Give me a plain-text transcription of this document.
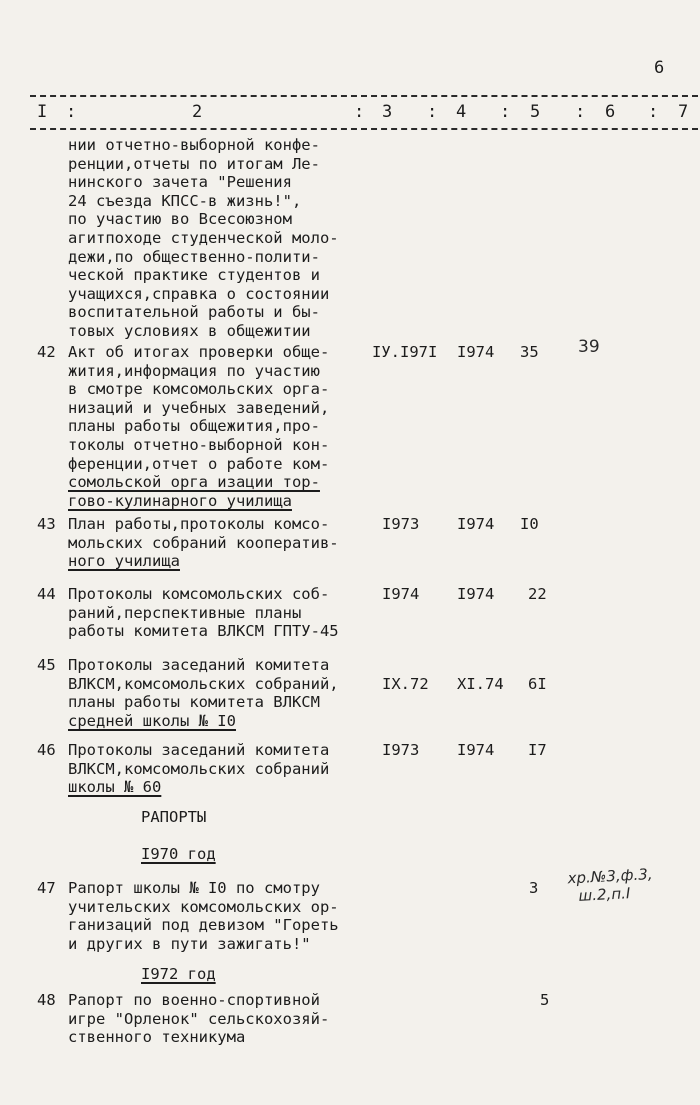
6
I :	2	: 3 : 4 : 5 : 6 : 7
нии отчетно-выборной конфе-
ренции,отчеты по итогам Ле-
нинского зачета "Решения
24 съезда КПСС-в жизнь!",
по участию во Всесоюзном
агитпоходе студенческой моло-
дежи,по общественно-полити-
ческой практике студентов и
учащихся,справка о состоянии
воспитательной работы и бы-
товых условиях в общежитии
42 Акт об итогах проверки обще-
жития,информация по участию
в смотре комсомольских орга-
низаций и учебных заведений,
планы работы общежития,про-
токолы отчетно-выборной кон-
ференции,отчет о работе ком-
сомольской орга изации тор-
гово-кулинарного училища
IУ.I97I I974 35 39
43 План работы,протоколы комсо-
мольских собраний кооператив-
ного училища
I973 I974 I0
44 Протоколы комсомольских соб-
раний,перспективные планы
работы комитета ВЛКСМ ГПТУ-45
I974 I974 22
45 Протоколы заседаний комитета
ВЛКСМ,комсомольских собраний,
планы работы комитета ВЛКСМ
средней школы № I0
IX.72 XI.74 6I
46 Протоколы заседаний комитета
ВЛКСМ,комсомольских собраний
школы № 60
I973 I974 I7
РАПОРТЫ
I970 год
47 Рапорт школы № I0 по смотру
учительских комсомольских ор-
ганизаций под девизом "Гореть
и других в пути зажигать!"
3
хр.№3,ф.3,
ш.2,п.I
I972 год
48 Рапорт по военно-спортивной
игре "Орленок" сельскохозяй-
ственного техникума
5
